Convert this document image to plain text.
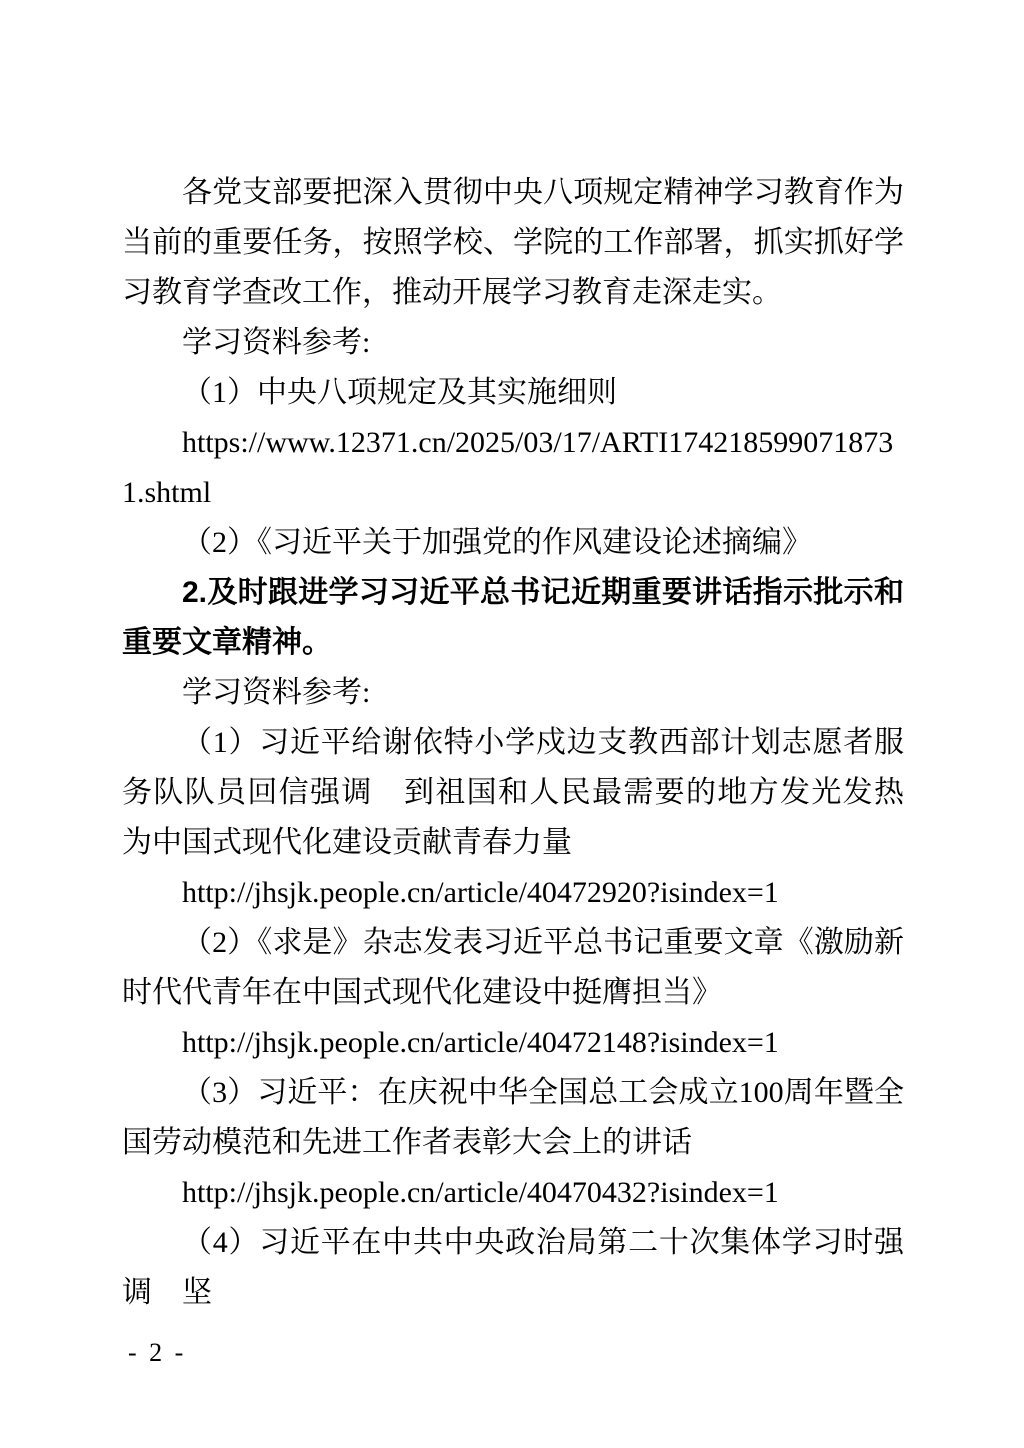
各党支部要把深入贯彻中央八项规定精神学习教育作为当前的重要任务，按照学校、学院的工作部署，抓实抓好学习教育学查改工作，推动开展学习教育走深走实。

学习资料参考:

（1）中央八项规定及其实施细则

https://www.12371.cn/2025/03/17/ARTI1742185990718731.shtml

（2）《习近平关于加强党的作风建设论述摘编》

2.及时跟进学习习近平总书记近期重要讲话指示批示和重要文章精神。

学习资料参考:

（1）习近平给谢依特小学戍边支教西部计划志愿者服务队队员回信强调　到祖国和人民最需要的地方发光发热　为中国式现代化建设贡献青春力量

http://jhsjk.people.cn/article/40472920?isindex=1

（2）《求是》杂志发表习近平总书记重要文章《激励新时代代青年在中国式现代化建设中挺膺担当》

http://jhsjk.people.cn/article/40472148?isindex=1

（3）习近平：在庆祝中华全国总工会成立100周年暨全国劳动模范和先进工作者表彰大会上的讲话

http://jhsjk.people.cn/article/40470432?isindex=1

（4）习近平在中共中央政治局第二十次集体学习时强调　坚

- 2 -
